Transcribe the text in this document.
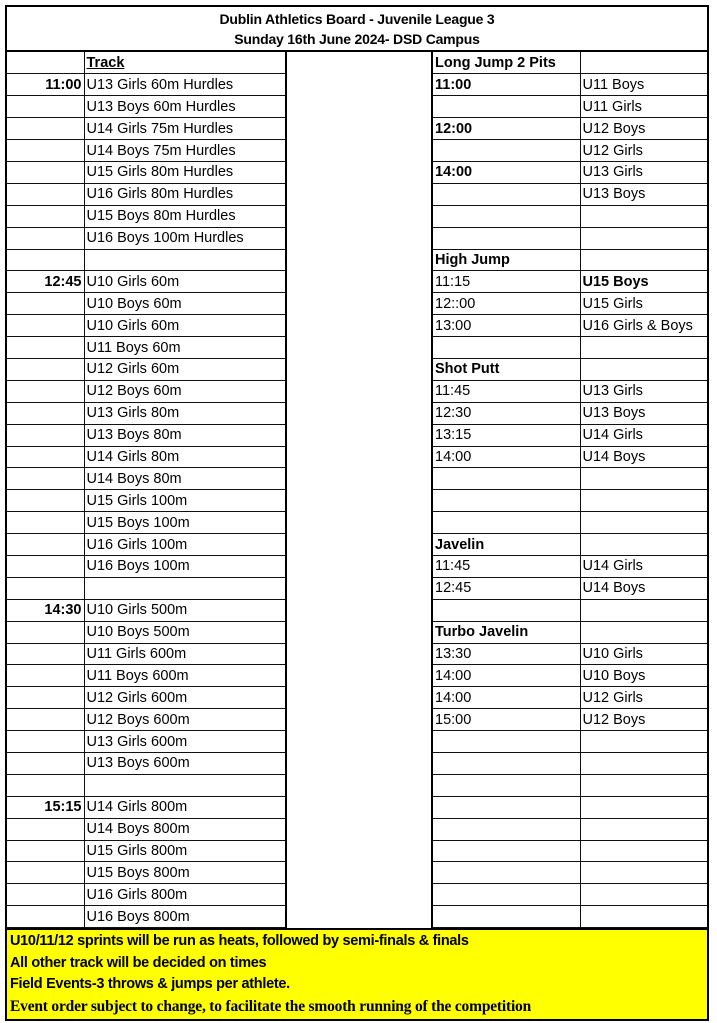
Dublin Athletics Board - Juvenile League 3
Sunday 16th June 2024- DSD Campus
	Track		Long Jump 2 Pits	
11:00	U13 Girls 60m Hurdles		11:00	U11 Boys
	U13 Boys 60m Hurdles			U11 Girls
	U14 Girls 75m Hurdles		12:00	U12 Boys
	U14 Boys 75m Hurdles			U12 Girls
	U15 Girls 80m Hurdles		14:00	U13 Girls
	U16 Girls 80m Hurdles			U13 Boys
	U15 Boys 80m Hurdles			
	U16 Boys 100m Hurdles			
			High Jump	
12:45	U10 Girls 60m		11:15	U15 Boys
	U10 Boys 60m		12::00	U15 Girls
	U10 Girls 60m		13:00	U16 Girls & Boys
	U11 Boys 60m			
	U12 Girls 60m		Shot Putt	
	U12 Boys 60m		11:45	U13 Girls
	U13 Girls 80m		12:30	U13 Boys
	U13 Boys 80m		13:15	U14 Girls
	U14 Girls 80m		14:00	U14 Boys
	U14 Boys 80m			
	U15 Girls 100m			
	U15 Boys 100m			
	U16 Girls 100m		Javelin	
	U16 Boys 100m		11:45	U14 Girls
			12:45	U14 Boys
14:30	U10 Girls 500m			
	U10 Boys 500m		Turbo Javelin	
	U11 Girls 600m		13:30	U10 Girls
	U11 Boys 600m		14:00	U10 Boys
	U12 Girls 600m		14:00	U12 Girls
	U12 Boys 600m		15:00	U12 Boys
	U13 Girls 600m			
	U13 Boys 600m			

15:15	U14 Girls 800m			
	U14 Boys 800m			
	U15 Girls 800m			
	U15 Boys 800m			
	U16 Girls 800m			
	U16 Boys 800m			
U10/11/12 sprints will be run as heats, followed by semi-finals & finals
All other track will be decided on times
Field Events-3 throws & jumps per athlete.
Event order subject to change, to facilitate the smooth running of the competition
